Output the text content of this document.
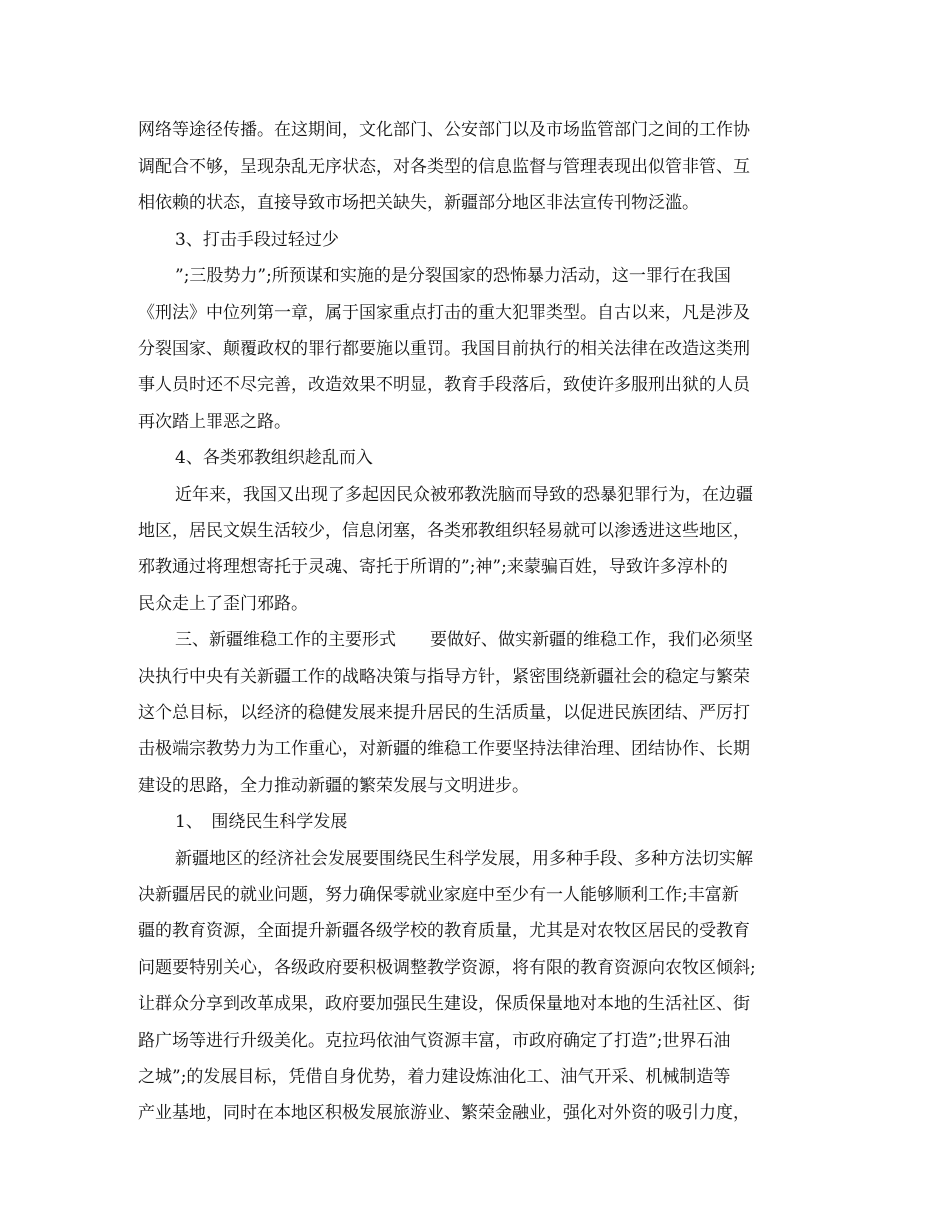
网络等途径传播。在这期间，文化部门、公安部门以及市场监管部门之间的工作协
调配合不够，呈现杂乱无序状态，对各类型的信息监督与管理表现出似管非管、互
相依赖的状态，直接导致市场把关缺失，新疆部分地区非法宣传刊物泛滥。
3、打击手段过轻过少
”;三股势力”;所预谋和实施的是分裂国家的恐怖暴力活动，这一罪行在我国
《刑法》中位列第一章，属于国家重点打击的重大犯罪类型。自古以来，凡是涉及
分裂国家、颠覆政权的罪行都要施以重罚。我国目前执行的相关法律在改造这类刑
事人员时还不尽完善，改造效果不明显，教育手段落后，致使许多服刑出狱的人员
再次踏上罪恶之路。
4、各类邪教组织趁乱而入
近年来，我国又出现了多起因民众被邪教洗脑而导致的恐暴犯罪行为，在边疆
地区，居民文娱生活较少，信息闭塞，各类邪教组织轻易就可以渗透进这些地区，
邪教通过将理想寄托于灵魂、寄托于所谓的”;神”;来蒙骗百姓，导致许多淳朴的
民众走上了歪门邪路。
三、新疆维稳工作的主要形式　　要做好、做实新疆的维稳工作，我们必须坚
决执行中央有关新疆工作的战略决策与指导方针，紧密围绕新疆社会的稳定与繁荣
这个总目标，以经济的稳健发展来提升居民的生活质量，以促进民族团结、严厉打
击极端宗教势力为工作重心，对新疆的维稳工作要坚持法律治理、团结协作、长期
建设的思路，全力推动新疆的繁荣发展与文明进步。
1、　围绕民生科学发展
新疆地区的经济社会发展要围绕民生科学发展，用多种手段、多种方法切实解
决新疆居民的就业问题，努力确保零就业家庭中至少有一人能够顺利工作;丰富新
疆的教育资源，全面提升新疆各级学校的教育质量，尤其是对农牧区居民的受教育
问题要特别关心，各级政府要积极调整教学资源，将有限的教育资源向农牧区倾斜;
让群众分享到改革成果，政府要加强民生建设，保质保量地对本地的生活社区、街
路广场等进行升级美化。克拉玛依油气资源丰富，市政府确定了打造”;世界石油
之城”;的发展目标，凭借自身优势，着力建设炼油化工、油气开采、机械制造等
产业基地，同时在本地区积极发展旅游业、繁荣金融业，强化对外资的吸引力度，
